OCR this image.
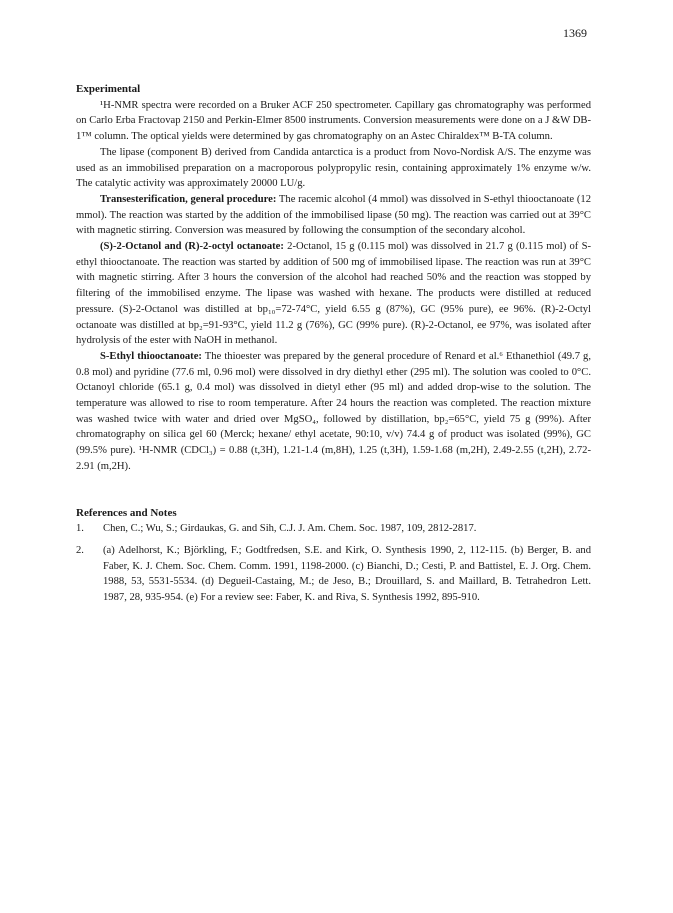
1369
Experimental

¹H-NMR spectra were recorded on a Bruker ACF 250 spectrometer. Capillary gas chromatography was performed on Carlo Erba Fractovap 2150 and Perkin-Elmer 8500 instruments. Conversion measurements were done on a J &W DB-1™ column. The optical yields were determined by gas chromatography on an Astec Chiraldex™ B-TA column.

The lipase (component B) derived from Candida antarctica is a product from Novo-Nordisk A/S. The enzyme was used as an immobilised preparation on a macroporous polypropylic resin, containing approximately 1% enzyme w/w. The catalytic activity was approximately 20000 LU/g.

Transesterification, general procedure: The racemic alcohol (4 mmol) was dissolved in S-ethyl thiooctanoate (12 mmol). The reaction was started by the addition of the immobilised lipase (50 mg). The reaction was carried out at 39°C with magnetic stirring. Conversion was measured by following the consumption of the secondary alcohol.

(S)-2-Octanol and (R)-2-octyl octanoate: 2-Octanol, 15 g (0.115 mol) was dissolved in 21.7 g (0.115 mol) of S-ethyl thiooctanoate. The reaction was started by addition of 500 mg of immobilised lipase. The reaction was run at 39°C with magnetic stirring. After 3 hours the conversion of the alcohol had reached 50% and the reaction was stopped by filtering of the immobilised enzyme. The lipase was washed with hexane. The products were distilled at reduced pressure. (S)-2-Octanol was distilled at bp₁₀=72-74°C, yield 6.55 g (87%), GC (95% pure), ee 96%. (R)-2-Octyl octanoate was distilled at bp₂=91-93°C, yield 11.2 g (76%), GC (99% pure). (R)-2-Octanol, ee 97%, was isolated after hydrolysis of the ester with NaOH in methanol.

S-Ethyl thiooctanoate: The thioester was prepared by the general procedure of Renard et al.⁶ Ethanethiol (49.7 g, 0.8 mol) and pyridine (77.6 ml, 0.96 mol) were dissolved in dry diethyl ether (295 ml). The solution was cooled to 0°C. Octanoyl chloride (65.1 g, 0.4 mol) was dissolved in dietyl ether (95 ml) and added drop-wise to the solution. The temperature was allowed to rise to room temperature. After 24 hours the reaction was completed. The reaction mixture was washed twice with water and dried over MgSO₄, followed by distillation, bp₂=65°C, yield 75 g (99%). After chromatography on silica gel 60 (Merck; hexane/ ethyl acetate, 90:10, v/v) 74.4 g of product was isolated (99%), GC (99.5% pure). ¹H-NMR (CDCl₃) = 0.88 (t,3H), 1.21-1.4 (m,8H), 1.25 (t,3H), 1.59-1.68 (m,2H), 2.49-2.55 (t,2H), 2.72-2.91 (m,2H).

References and Notes
1.	Chen, C.; Wu, S.; Girdaukas, G. and Sih, C.J. J. Am. Chem. Soc. 1987, 109, 2812-2817.
2.	(a) Adelhorst, K.; Björkling, F.; Godtfredsen, S.E. and Kirk, O. Synthesis 1990, 2, 112-115. (b) Berger, B. and Faber, K. J. Chem. Soc. Chem. Comm. 1991, 1198-2000. (c) Bianchi, D.; Cesti, P. and Battistel, E. J. Org. Chem. 1988, 53, 5531-5534. (d) Degueil-Castaing, M.; de Jeso, B.; Drouillard, S. and Maillard, B. Tetrahedron Lett. 1987, 28, 935-954. (e) For a review see: Faber, K. and Riva, S. Synthesis 1992, 895-910.
